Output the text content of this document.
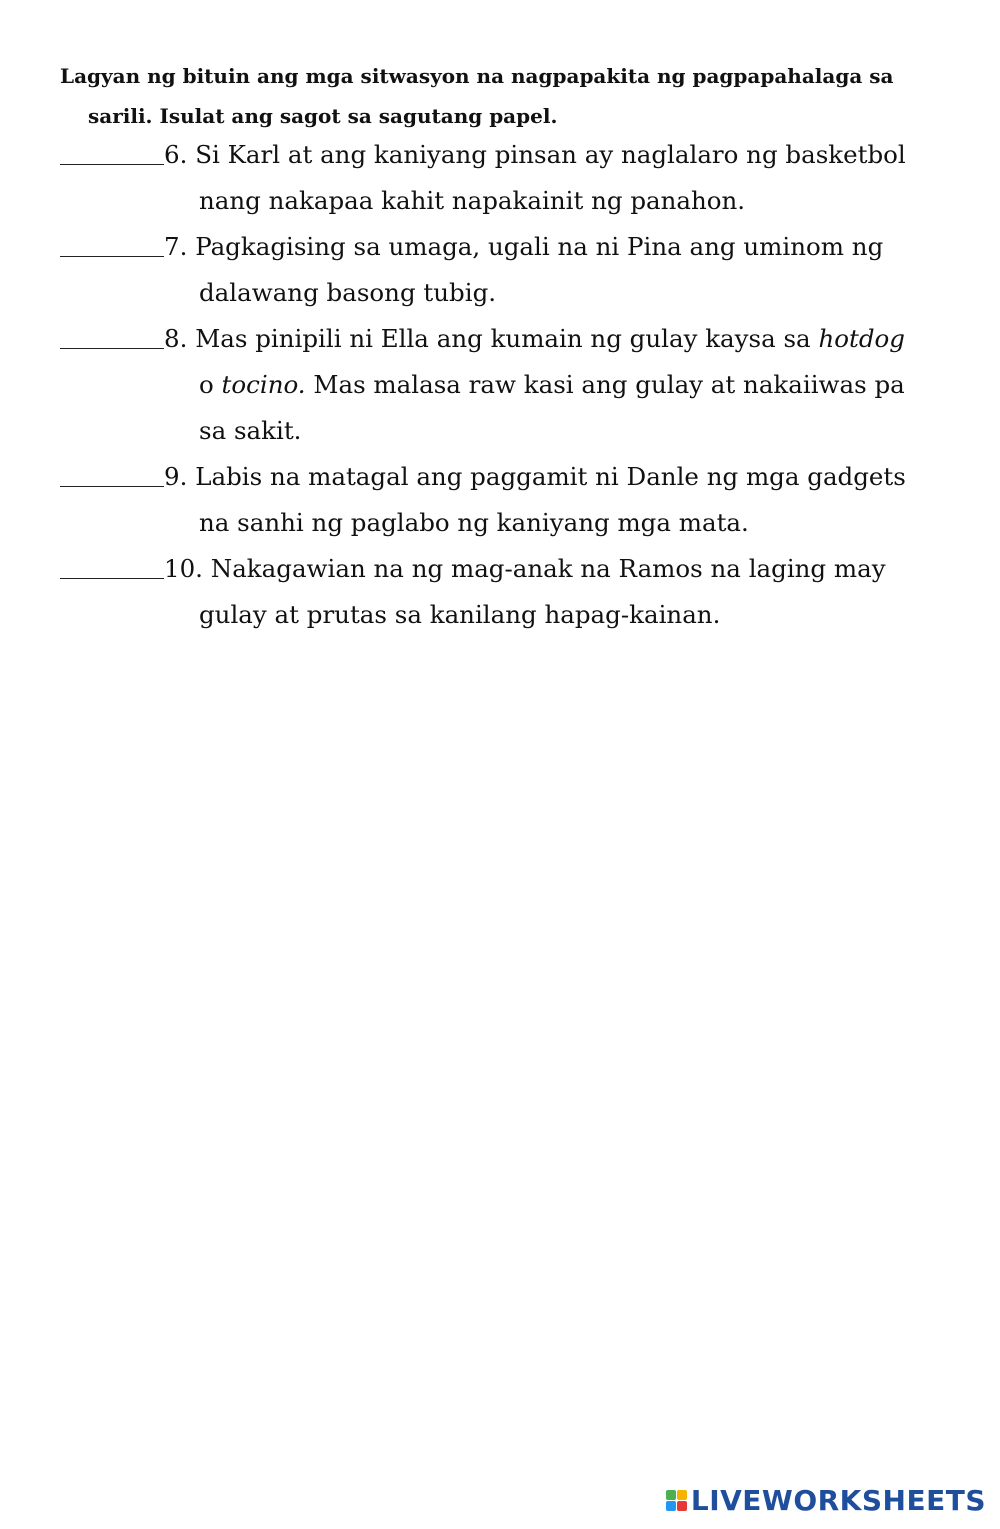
Lagyan ng bituin ang mga sitwasyon na nagpapakita ng pagpapahalaga sa
sarili. Isulat ang sagot sa sagutang papel.
6. Si Karl at ang kaniyang pinsan ay naglalaro ng basketbol
nang nakapaa kahit napakainit ng panahon.
7. Pagkagising sa umaga, ugali na ni Pina ang uminom ng
dalawang basong tubig.
8. Mas pinipili ni Ella ang kumain ng gulay kaysa sa hotdog
o tocino. Mas malasa raw kasi ang gulay at nakaiiwas pa
sa sakit.
9. Labis na matagal ang paggamit ni Danle ng mga gadgets
na sanhi ng paglabo ng kaniyang mga mata.
10. Nakagawian na ng mag-anak na Ramos na laging may
gulay at prutas sa kanilang hapag-kainan.
LIVEWORKSHEETS
